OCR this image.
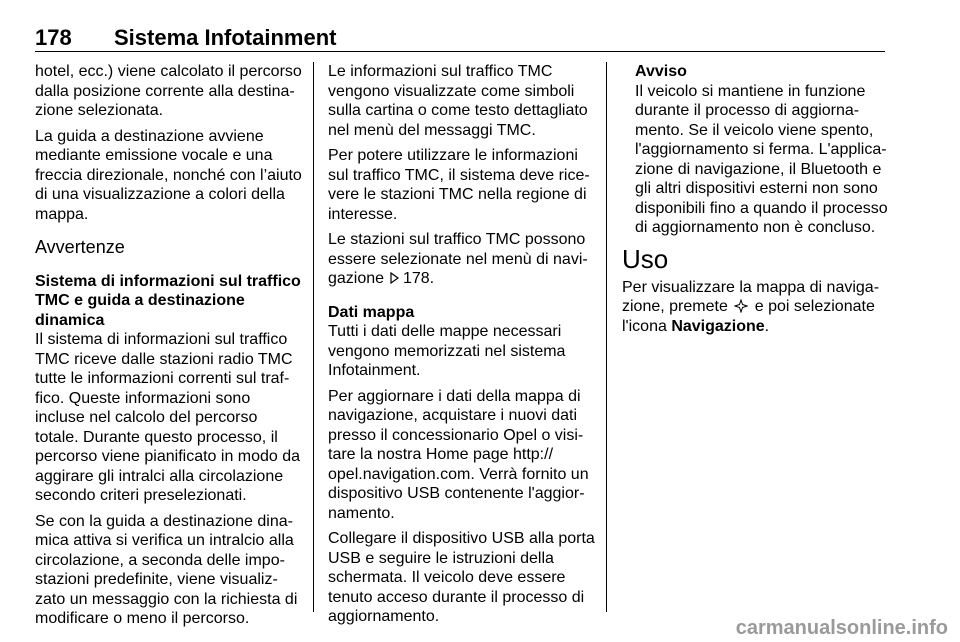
178 Sistema Infotainment

hotel, ecc.) viene calcolato il percorso dalla posizione corrente alla destina-zione selezionata.

La guida a destinazione avviene mediante emissione vocale e una freccia direzionale, nonché con l’aiuto di una visualizzazione a colori della mappa.

Avvertenze
Sistema di informazioni sul traffico TMC e guida a destinazione dinamica

Il sistema di informazioni sul traffico TMC riceve dalle stazioni radio TMC tutte le informazioni correnti sul traf-fico. Queste informazioni sono incluse nel calcolo del percorso totale. Durante questo processo, il percorso viene pianificato in modo da aggirare gli intralci alla circolazione secondo criteri preselezionati.

Se con la guida a destinazione dina-mica attiva si verifica un intralcio alla circolazione, a seconda delle impo-stazioni predefinite, viene visualiz-zato un messaggio con la richiesta di modificare o meno il percorso.

Le informazioni sul traffico TMC vengono visualizzate come simboli sulla cartina o come testo dettagliato nel menù del messaggi TMC.

Per potere utilizzare le informazioni sul traffico TMC, il sistema deve rice-vere le stazioni TMC nella regione di interesse.

Le stazioni sul traffico TMC possono essere selezionate nel menù di navi-gazione 178.

Dati mappa

Tutti i dati delle mappe necessari vengono memorizzati nel sistema Infotainment.

Per aggiornare i dati della mappa di navigazione, acquistare i nuovi dati presso il concessionario Opel o visi-tare la nostra Home page http:// opel.navigation.com. Verrà fornito un dispositivo USB contenente l'aggior-namento.

Collegare il dispositivo USB alla porta USB e seguire le istruzioni della schermata. Il veicolo deve essere tenuto acceso durante il processo di aggiornamento.

Avviso

Il veicolo si mantiene in funzione durante il processo di aggiorna-mento. Se il veicolo viene spento, l'aggiornamento si ferma. L'applica-zione di navigazione, il Bluetooth e gli altri dispositivi esterni non sono disponibili fino a quando il processo di aggiornamento non è concluso.

Uso

Per visualizzare la mappa di naviga-zione, premete e poi selezionate l'icona Navigazione.

carmanualsonline.info
